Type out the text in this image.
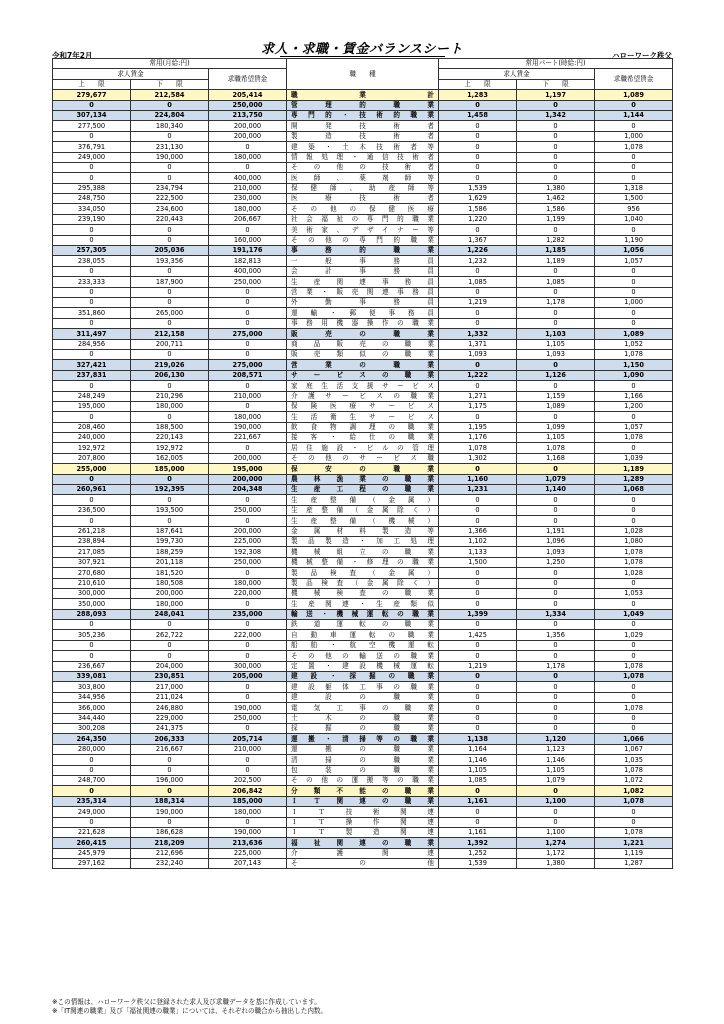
求人・求職・賃金バランスシート
令和7年2月	ハローワーク秩父
常用(月給:円)			職　　種	常用パート(時給:円)		
求人賃金		求職希望賃金		求人賃金		求職希望賃金
上　　限	下　　限			上　　限	下　　限	
279,677	212,584	205,414	職業計	1,283	1,197	1,089
0	0	250,000	管理的職業	0	0	0
307,134	224,804	213,750	専門的・技術的職業	1,458	1,342	1,144
277,500	180,340	200,000	開発技術者	0	0	0
0	0	200,000	製造技術者	0	0	1,000
376,791	231,130	0	建築・土木技術者等	0	0	1,078
249,000	190,000	180,000	情報処理・通信技術者	0	0	0
0	0	0	その他の技術者	0	0	0
0	0	400,000	医師、薬剤師等	0	0	0
295,388	234,794	210,000	保健師、助産師等	1,539	1,380	1,318
248,750	222,500	230,000	医療技術者	1,629	1,462	1,500
334,050	234,600	180,000	その他の保健医療	1,586	1,586	956
239,190	220,443	206,667	社会福祉の専門的職業	1,220	1,199	1,040
0	0	0	美術家、デザイナー等	0	0	0
0	0	160,000	その他の専門的職業	1,367	1,282	1,190
257,305	205,036	191,176	事務的職業	1,226	1,185	1,056
238,055	193,356	182,813	一般事務員	1,232	1,189	1,057
0	0	400,000	会計事務員	0	0	0
233,333	187,900	250,000	生産関連事務員	1,085	1,085	0
0	0	0	営業・販売関連事務員	0	0	0
0	0	0	外勤事務員	1,219	1,178	1,000
351,860	265,000	0	運輸・郵便事務員	0	0	0
0	0	0	事務用機器操作の職業	0	0	0
311,497	212,158	275,000	販売の職業	1,332	1,103	1,089
284,956	200,711	0	商品販売の職業	1,371	1,105	1,052
0	0	0	販売類似の職業	1,093	1,093	1,078
327,421	219,026	275,000	営業の職業	0	0	1,150
237,831	206,130	208,571	サービスの職業	1,222	1,126	1,090
0	0	0	家庭生活支援サービス	0	0	0
248,249	210,296	210,000	介護サービスの職業	1,271	1,159	1,166
195,000	180,000	0	保険医療サービス	1,175	1,089	1,200
0	0	180,000	生活衛生サービス	0	0	0
208,460	188,500	190,000	飲食物調理の職業	1,195	1,099	1,057
240,000	220,143	221,667	接客・給仕の職業	1,176	1,105	1,078
192,972	192,972	0	居住施設・ビルの管理	1,078	1,078	0
207,800	162,005	200,000	その他のサービス職	1,302	1,168	1,039
255,000	185,000	195,000	保安の職業	0	0	1,189
0	0	200,000	農林漁業の職業	1,160	1,079	1,289
260,961	192,395	204,348	生産工程の職業	1,231	1,140	1,068
0	0	0	生産整備（金属）	0	0	0
236,500	193,500	250,000	生産整備（金属除く）	0	0	0
0	0	0	生産整備（機械）	0	0	0
261,218	187,641	200,000	金属材料製造等	1,366	1,191	1,028
238,894	199,730	225,000	製品製造・加工処理	1,102	1,096	1,080
217,085	188,259	192,308	機械組立の職業	1,133	1,093	1,078
307,921	201,118	250,000	機械整備・修理の職業	1,500	1,250	1,078
270,680	181,520	0	製品検査（金属）	0	0	1,028
210,610	180,508	180,000	製品検査（金属除く）	0	0	0
300,000	200,000	220,000	機械検査の職業	0	0	1,053
350,000	180,000	0	生産関連・生産類似	0	0	0
288,093	248,041	235,000	輸送・機械運転の職業	1,399	1,334	1,049
0	0	0	鉄道運転の職業	0	0	0
305,236	262,722	222,000	自動車運転の職業	1,425	1,356	1,029
0	0	0	船舶・航空機運転	0	0	0
0	0	0	その他の輸送の職業	0	0	0
236,667	204,000	300,000	定置・建設機械運転	1,219	1,178	1,078
339,081	230,851	205,000	建設・採掘の職業	0	0	1,078
303,800	217,000	0	建設躯体工事の職業	0	0	0
344,956	211,024	0	建設の職業	0	0	0
366,000	246,880	190,000	電気工事の職業	0	0	1,078
344,440	229,000	250,000	土木の職業	0	0	0
300,208	241,375	0	採掘の職業	0	0	0
264,350	206,333	205,714	運搬・清掃等の職業	1,138	1,120	1,066
280,000	216,667	210,000	運搬の職業	1,164	1,123	1,067
0	0	0	清掃の職業	1,146	1,146	1,035
0	0	0	包装の職業	1,105	1,105	1,078
248,700	196,000	202,500	その他の運搬等の職業	1,085	1,079	1,072
0	0	206,842	分類不能の職業	0	0	1,082
235,314	188,314	185,000	ＩＴ関連の職業	1,161	1,100	1,078
249,000	190,000	180,000	ＩＴ技術関連	0	0	0
0	0	0	ＩＴ操作関連	0	0	0
221,628	186,628	190,000	ＩＴ製造関連	1,161	1,100	1,078
260,415	218,209	213,636	福祉関連の職業	1,392	1,274	1,221
245,979	212,696	225,000	介護関連	1,252	1,172	1,119
297,162	232,240	207,143	その他	1,539	1,380	1,287
※この情報は、ハローワーク秩父に登録された求人及び求職データを基に作成しています。
※「IT関連の職業」及び「福祉関連の職業」については、それぞれの職合から抽出した内数。
